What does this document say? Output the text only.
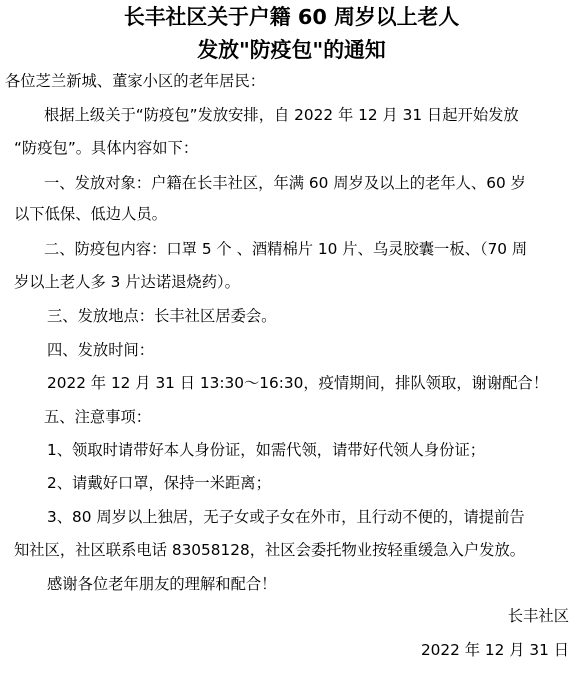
长丰社区关于户籍 60 周岁以上老人
发放"防疫包"的通知
各位芝兰新城、董家小区的老年居民：
根据上级关于“防疫包”发放安排，自 2022 年 12 月 31 日起开始发放
“防疫包”。具体内容如下：
一、发放对象：户籍在长丰社区，年满 60 周岁及以上的老年人、60 岁
以下低保、低边人员。
二、防疫包内容：口罩 5 个 、酒精棉片 10 片、乌灵胶囊一板、（70 周
岁以上老人多 3 片达诺退烧药）。
三、发放地点：长丰社区居委会。
四、发放时间：
2022 年 12 月 31 日 13:30～16:30，疫情期间，排队领取，谢谢配合！
五、注意事项：
1、领取时请带好本人身份证，如需代领，请带好代领人身份证；
2、请戴好口罩，保持一米距离；
3、80 周岁以上独居，无子女或子女在外市，且行动不便的，请提前告
知社区，社区联系电话 83058128，社区会委托物业按轻重缓急入户发放。
感谢各位老年朋友的理解和配合！
长丰社区
2022 年 12 月 31 日
